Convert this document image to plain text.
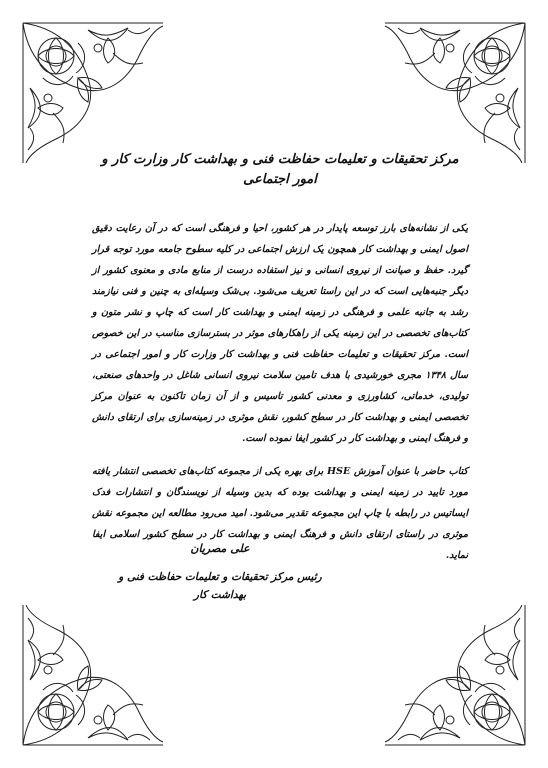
مرکز تحقیقات و تعلیمات حفاظت فنی و بهداشت کار وزارت کار و امور اجتماعی

یکی از نشانه‌های بارز توسعه پایدار در هر کشور، احیا و فرهنگی است که در آن رعایت دقیق اصول ایمنی و بهداشت کار همچون یک ارزش اجتماعی در کلیه سطوح جامعه مورد توجه قرار گیرد. حفظ و صیانت از نیروی انسانی و نیز استفاده درست از منابع مادی و معنوی کشور از دیگر جنبه‌هایی است که در این راستا تعریف می‌شود. بی‌شک وسیله‌ای به چنین و فنی نیازمند رشد به جانبه علمی و فرهنگی در زمینه ایمنی و بهداشت کار است که چاپ و نشر متون و کتاب‌های تخصصی در این زمینه یکی از راهکارهای موثر در بسترسازی مناسب در این خصوص است. مرکز تحقیقات و تعلیمات حفاظت فنی و بهداشت کار وزارت کار و امور اجتماعی در سال ۱۳۴۸ مجری خورشیدی با هدف تامین سلامت نیروی انسانی شاغل در واحدهای صنعتی، تولیدی، خدماتی، کشاورزی و معدنی کشور تاسیس و از آن زمان تاکنون به عنوان مرکز تخصصی ایمنی و بهداشت کار در سطح کشور، نقش موثری در زمینه‌سازی برای ارتقای دانش و فرهنگ ایمنی و بهداشت کار در کشور ایفا نموده است.

کتاب حاضر با عنوان آموزش HSE برای بهره یکی از مجموعه کتاب‌های تخصصی انتشار یافته مورد تایید در زمینه ایمنی و بهداشت بوده که بدین وسیله از نویسندگان و انتشارات فدک ایساتیس در رابطه با چاپ این مجموعه تقدیر می‌شود. امید می‌رود مطالعه این مجموعه نقش موثری در راستای ارتقای دانش و فرهنگ ایمنی و بهداشت کار در سطح کشور اسلامی ایفا نماید.

علی مصریان

رئیس مرکز تحقیقات و تعلیمات حفاظت فنی و بهداشت کار
